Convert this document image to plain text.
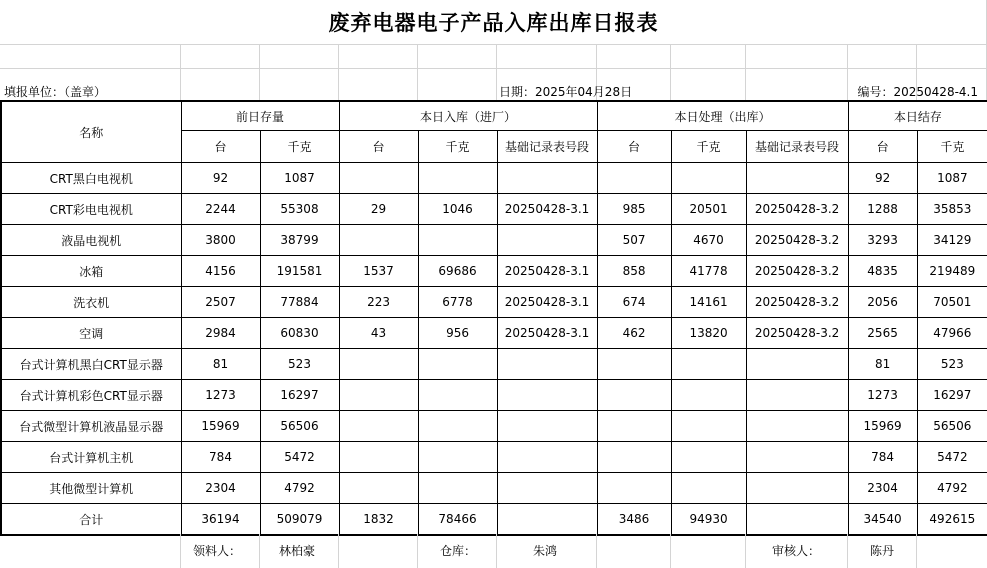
废弃电器电子产品入库出库日报表
填报单位：（盖章）	日期：2025年04月28日	编号：20250428-4.1
名称	前日存量		本日入库（进厂）			本日处理（出库）			本日结存	
	台	千克	台	千克	基础记录表号段	台	千克	基础记录表号段	台	千克
CRT黑白电视机	92	1087							92	1087
CRT彩电电视机	2244	55308	29	1046	20250428-3.1	985	20501	20250428-3.2	1288	35853
液晶电视机	3800	38799				507	4670	20250428-3.2	3293	34129
冰箱	4156	191581	1537	69686	20250428-3.1	858	41778	20250428-3.2	4835	219489
洗衣机	2507	77884	223	6778	20250428-3.1	674	14161	20250428-3.2	2056	70501
空调	2984	60830	43	956	20250428-3.1	462	13820	20250428-3.2	2565	47966
台式计算机黑白CRT显示器	81	523							81	523
台式计算机彩色CRT显示器	1273	16297							1273	16297
台式微型计算机液晶显示器	15969	56506							15969	56506
台式计算机主机	784	5472							784	5472
其他微型计算机	2304	4792							2304	4792
合计	36194	509079	1832	78466		3486	94930		34540	492615
领料人：	林柏豪	仓库：	朱鸿	审核人：	陈丹
